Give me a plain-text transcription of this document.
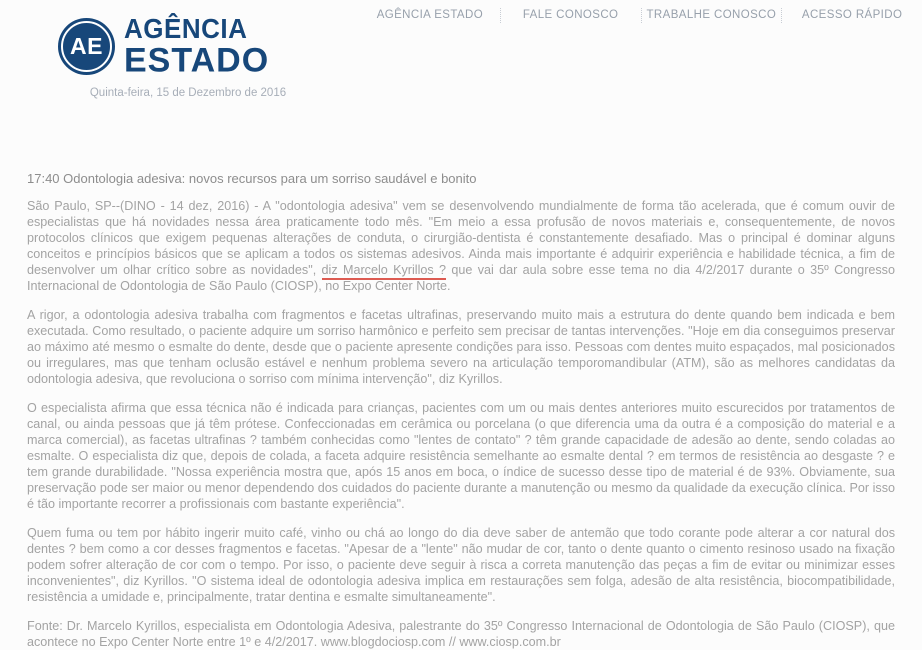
AGÊNCIA ESTADO	FALE CONOSCO	TRABALHE CONOSCO	ACESSO RÁPIDO
AE
AGÊNCIA
ESTADO
Quinta-feira, 15 de Dezembro de 2016
17:40 Odontologia adesiva: novos recursos para um sorriso saudável e bonito

São Paulo, SP--(DINO - 14 dez, 2016) - A "odontologia adesiva" vem se desenvolvendo mundialmente de forma tão acelerada, que é comum ouvir de especialistas que há novidades nessa área praticamente todo mês. "Em meio a essa profusão de novos materiais e, consequentemente, de novos protocolos clínicos que exigem pequenas alterações de conduta, o cirurgião-dentista é constantemente desafiado. Mas o principal é dominar alguns conceitos e princípios básicos que se aplicam a todos os sistemas adesivos. Ainda mais importante é adquirir experiência e habilidade técnica, a fim de desenvolver um olhar crítico sobre as novidades", diz Marcelo Kyrillos ? que vai dar aula sobre esse tema no dia 4/2/2017 durante o 35º Congresso Internacional de Odontologia de São Paulo (CIOSP), no Expo Center Norte.

A rigor, a odontologia adesiva trabalha com fragmentos e facetas ultrafinas, preservando muito mais a estrutura do dente quando bem indicada e bem executada. Como resultado, o paciente adquire um sorriso harmônico e perfeito sem precisar de tantas intervenções. "Hoje em dia conseguimos preservar ao máximo até mesmo o esmalte do dente, desde que o paciente apresente condições para isso. Pessoas com dentes muito espaçados, mal posicionados ou irregulares, mas que tenham oclusão estável e nenhum problema severo na articulação temporomandibular (ATM), são as melhores candidatas da odontologia adesiva, que revoluciona o sorriso com mínima intervenção", diz Kyrillos.

O especialista afirma que essa técnica não é indicada para crianças, pacientes com um ou mais dentes anteriores muito escurecidos por tratamentos de canal, ou ainda pessoas que já têm prótese. Confeccionadas em cerâmica ou porcelana (o que diferencia uma da outra é a composição do material e a marca comercial), as facetas ultrafinas ? também conhecidas como "lentes de contato" ? têm grande capacidade de adesão ao dente, sendo coladas ao esmalte. O especialista diz que, depois de colada, a faceta adquire resistência semelhante ao esmalte dental ? em termos de resistência ao desgaste ? e tem grande durabilidade. "Nossa experiência mostra que, após 15 anos em boca, o índice de sucesso desse tipo de material é de 93%. Obviamente, sua preservação pode ser maior ou menor dependendo dos cuidados do paciente durante a manutenção ou mesmo da qualidade da execução clínica. Por isso é tão importante recorrer a profissionais com bastante experiência".

Quem fuma ou tem por hábito ingerir muito café, vinho ou chá ao longo do dia deve saber de antemão que todo corante pode alterar a cor natural dos dentes ? bem como a cor desses fragmentos e facetas. "Apesar de a "lente" não mudar de cor, tanto o dente quanto o cimento resinoso usado na fixação podem sofrer alteração de cor com o tempo. Por isso, o paciente deve seguir à risca a correta manutenção das peças a fim de evitar ou minimizar esses inconvenientes", diz Kyrillos. "O sistema ideal de odontologia adesiva implica em restaurações sem folga, adesão de alta resistência, biocompatibilidade, resistência a umidade e, principalmente, tratar dentina e esmalte simultaneamente".

Fonte: Dr. Marcelo Kyrillos, especialista em Odontologia Adesiva, palestrante do 35º Congresso Internacional de Odontologia de São Paulo (CIOSP), que acontece no Expo Center Norte entre 1º e 4/2/2017. www.blogdociosp.com // www.ciosp.com.br
